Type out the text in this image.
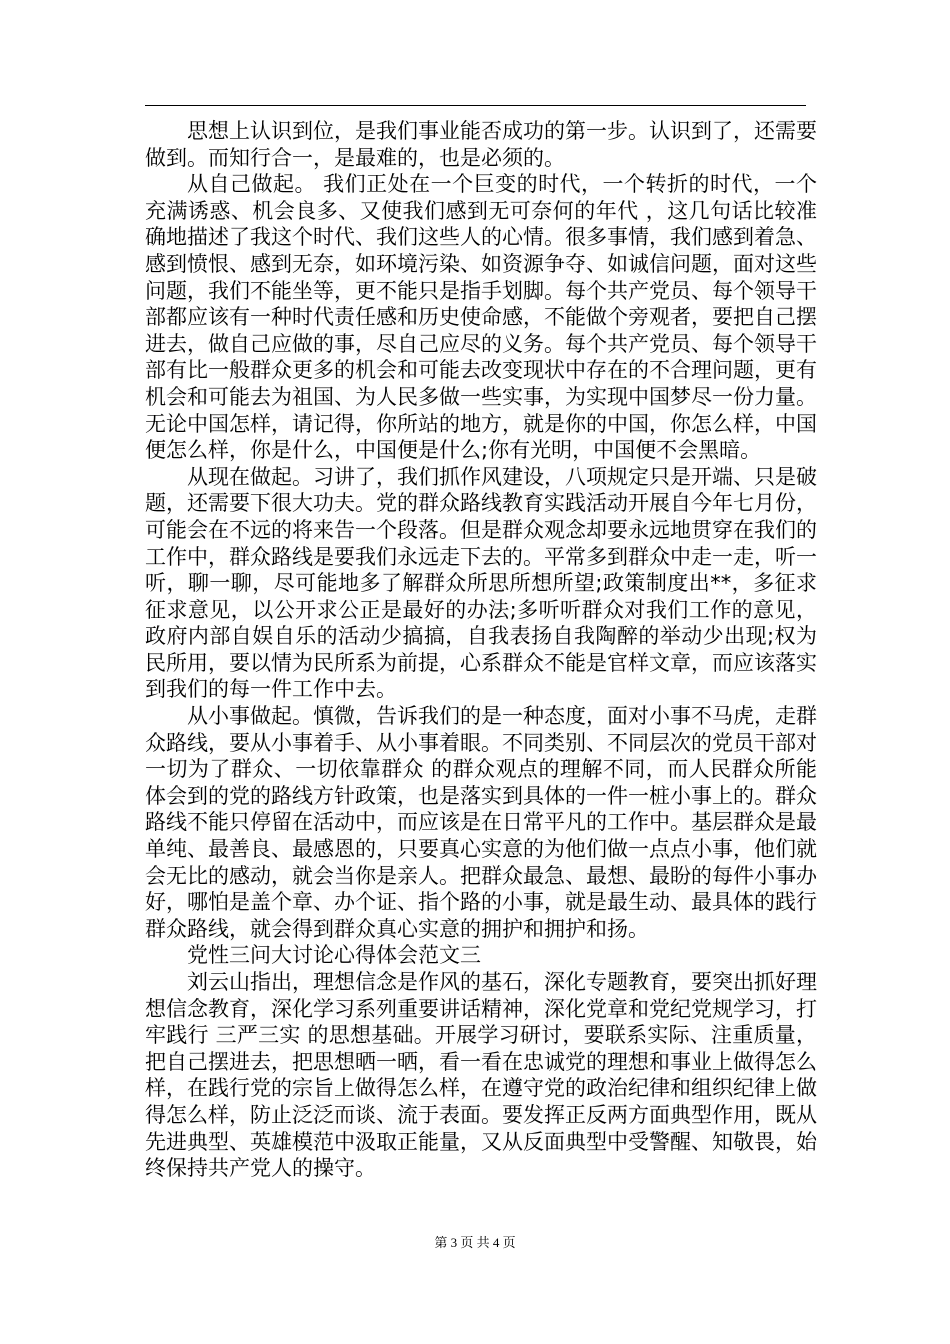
思想上认识到位，是我们事业能否成功的第一步。认识到了，还需要做到。而知行合一，是最难的，也是必须的。

从自己做起。 我们正处在一个巨变的时代，一个转折的时代，一个充满诱惑、机会良多、又使我们感到无可奈何的年代 ，这几句话比较准确地描述了我这个时代、我们这些人的心情。很多事情，我们感到着急、感到愤恨、感到无奈，如环境污染、如资源争夺、如诚信问题，面对这些问题，我们不能坐等，更不能只是指手划脚。每个共产党员、每个领导干部都应该有一种时代责任感和历史使命感，不能做个旁观者，要把自己摆进去，做自己应做的事，尽自己应尽的义务。每个共产党员、每个领导干部有比一般群众更多的机会和可能去改变现状中存在的不合理问题，更有机会和可能去为祖国、为人民多做一些实事，为实现中国梦尽一份力量。无论中国怎样，请记得，你所站的地方，就是你的中国，你怎么样，中国便怎么样，你是什么，中国便是什么;你有光明，中国便不会黑暗。

从现在做起。习讲了，我们抓作风建设，八项规定只是开端、只是破题，还需要下很大功夫。党的群众路线教育实践活动开展自今年七月份，可能会在不远的将来告一个段落。但是群众观念却要永远地贯穿在我们的工作中，群众路线是要我们永远走下去的。平常多到群众中走一走，听一听，聊一聊，尽可能地多了解群众所思所想所望;政策制度出**，多征求征求意见，以公开求公正是最好的办法;多听听群众对我们工作的意见，政府内部自娱自乐的活动少搞搞，自我表扬自我陶醉的举动少出现;权为民所用，要以情为民所系为前提，心系群众不能是官样文章，而应该落实到我们的每一件工作中去。

从小事做起。慎微，告诉我们的是一种态度，面对小事不马虎，走群众路线，要从小事着手、从小事着眼。不同类别、不同层次的党员干部对 一切为了群众、一切依靠群众 的群众观点的理解不同，而人民群众所能体会到的党的路线方针政策，也是落实到具体的一件一桩小事上的。群众路线不能只停留在活动中，而应该是在日常平凡的工作中。基层群众是最单纯、最善良、最感恩的，只要真心实意的为他们做一点点小事，他们就会无比的感动，就会当你是亲人。把群众最急、最想、最盼的每件小事办好，哪怕是盖个章、办个证、指个路的小事，就是最生动、最具体的践行群众路线，就会得到群众真心实意的拥护和拥护和扬。

党性三问大讨论心得体会范文三

刘云山指出，理想信念是作风的基石，深化专题教育，要突出抓好理想信念教育，深化学习系列重要讲话精神，深化党章和党纪党规学习，打牢践行 三严三实 的思想基础。开展学习研讨，要联系实际、注重质量，把自己摆进去，把思想晒一晒，看一看在忠诚党的理想和事业上做得怎么样，在践行党的宗旨上做得怎么样，在遵守党的政治纪律和组织纪律上做得怎么样，防止泛泛而谈、流于表面。要发挥正反两方面典型作用，既从先进典型、英雄模范中汲取正能量，又从反面典型中受警醒、知敬畏，始终保持共产党人的操守。

第 3 页 共 4 页
